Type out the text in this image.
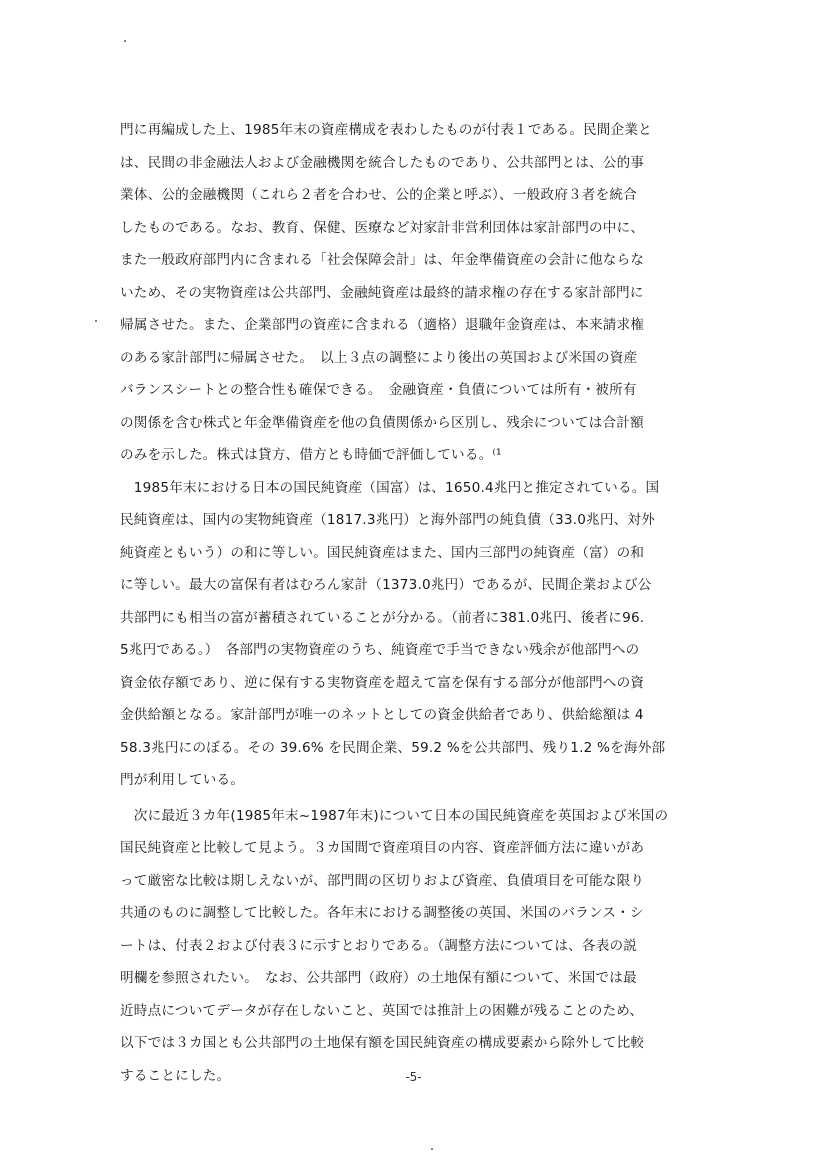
門に再編成した上、1985年末の資産構成を表わしたものが付表１である。民間企業と
は、民間の非金融法人および金融機関を統合したものであり、公共部門とは、公的事
業体、公的金融機関（これら２者を合わせ、公的企業と呼ぶ）、一般政府３者を統合
したものである。なお、教育、保健、医療など対家計非営利団体は家計部門の中に、
また一般政府部門内に含まれる「社会保障会計」は、年金準備資産の会計に他ならな
いため、その実物資産は公共部門、金融純資産は最終的請求権の存在する家計部門に
帰属させた。また、企業部門の資産に含まれる（適格）退職年金資産は、本来請求権
のある家計部門に帰属させた。　以上３点の調整により後出の英国および米国の資産
バランスシートとの整合性も確保できる。　金融資産・負債については所有・被所有
の関係を含む株式と年金準備資産を他の負債関係から区別し、残余については合計額
のみを示した。株式は貸方、借方とも時価で評価している。⁽¹
　1985年末における日本の国民純資産（国富）は、1650.4兆円と推定されている。国
民純資産は、国内の実物純資産（1817.3兆円）と海外部門の純負債（33.0兆円、対外
純資産ともいう）の和に等しい。国民純資産はまた、国内三部門の純資産（富）の和
に等しい。最大の富保有者はむろん家計（1373.0兆円）であるが、民間企業および公
共部門にも相当の富が蓄積されていることが分かる。（前者に381.0兆円、後者に96.
5兆円である。）　各部門の実物資産のうち、純資産で手当できない残余が他部門への
資金依存額であり、逆に保有する実物資産を超えて富を保有する部分が他部門への資
金供給額となる。家計部門が唯一のネットとしての資金供給者であり、供給総額は 4
58.3兆円にのぼる。その 39.6% を民間企業、59.2 %を公共部門、残り1.2 %を海外部
門が利用している。
　次に最近３カ年(1985年末~1987年末)について日本の国民純資産を英国および米国の
国民純資産と比較して見よう。３カ国間で資産項目の内容、資産評価方法に違いがあ
って厳密な比較は期しえないが、部門間の区切りおよび資産、負債項目を可能な限り
共通のものに調整して比較した。各年末における調整後の英国、米国のバランス・シ
ートは、付表２および付表３に示すとおりである。（調整方法については、各表の説
明欄を参照されたい。　なお、公共部門（政府）の土地保有額について、米国では最
近時点についてデータが存在しないこと、英国では推計上の困難が残ることのため、
以下では３カ国とも公共部門の土地保有額を国民純資産の構成要素から除外して比較
することにした。	-5-
